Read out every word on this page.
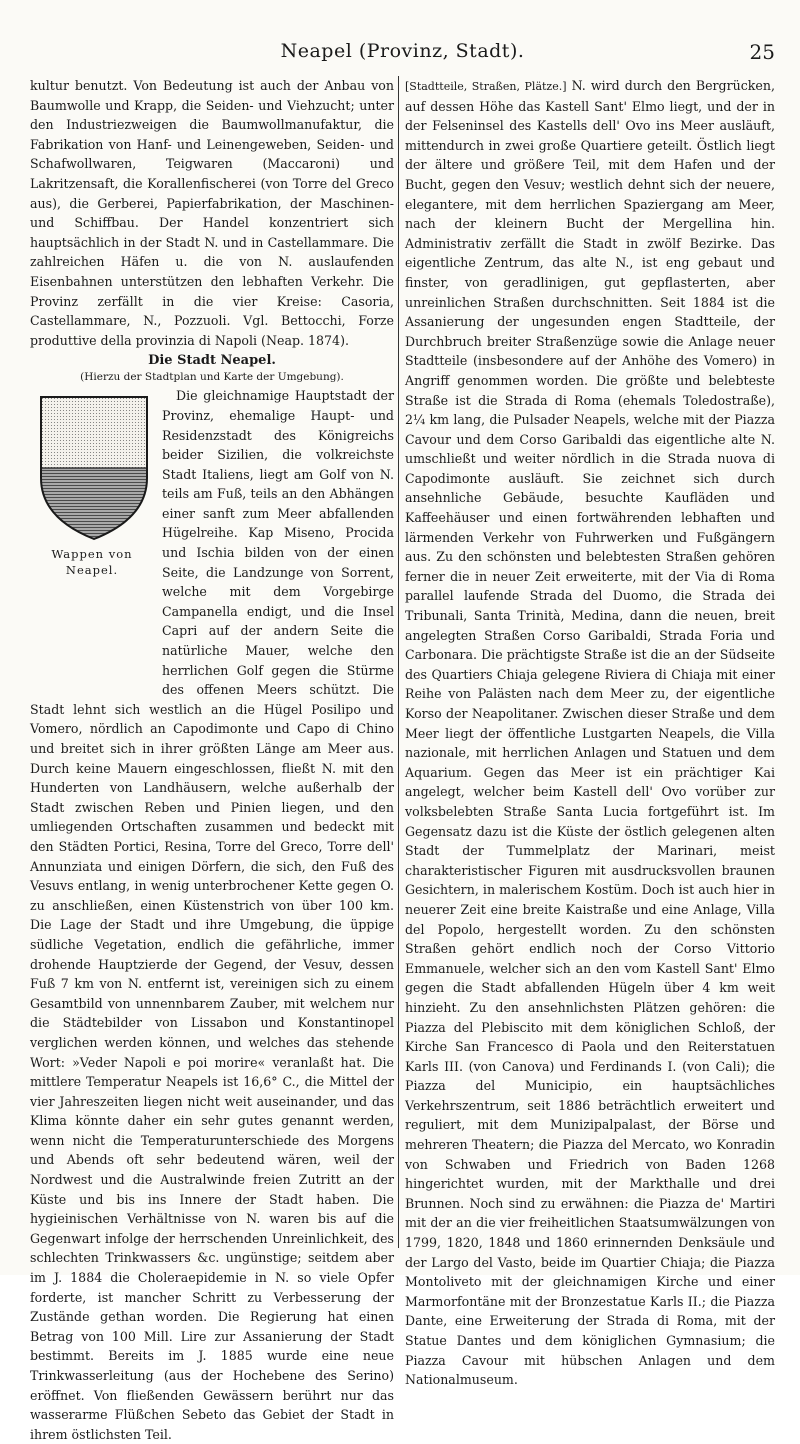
Neapel (Provinz, Stadt).	25

kultur benutzt. Von Bedeutung ist auch der Anbau von Baumwolle und Krapp, die Seiden- und Viehzucht; unter den Industriezweigen die Baumwollmanufaktur, die Fabrikation von Hanf- und Leinengeweben, Seiden- und Schafwollwaren, Teigwaren (Maccaroni) und Lakritzensaft, die Korallenfischerei (von Torre del Greco aus), die Gerberei, Papierfabrikation, der Maschinen- und Schiffbau. Der Handel konzentriert sich hauptsächlich in der Stadt N. und in Castellammare. Die zahlreichen Häfen u. die von N. auslaufenden Eisenbahnen unterstützen den lebhaften Verkehr. Die Provinz zerfällt in die vier Kreise: Casoria, Castellammare, N., Pozzuoli. Vgl. Bettocchi, Forze produttive della provinzia di Napoli (Neap. 1874).

Die Stadt Neapel.
(Hierzu der Stadtplan und Karte der Umgebung).
Wappen von Neapel.

Die gleichnamige Hauptstadt der Provinz, ehemalige Haupt- und Residenzstadt des Königreichs beider Sizilien, die volkreichste Stadt Italiens, liegt am Golf von N. teils am Fuß, teils an den Abhängen einer sanft zum Meer abfallenden Hügelreihe. Kap Miseno, Procida und Ischia bilden von der einen Seite, die Landzunge von Sorrent, welche mit dem Vorgebirge Campanella endigt, und die Insel Capri auf der andern Seite die natürliche Mauer, welche den herrlichen Golf gegen die Stürme des offenen Meers schützt. Die Stadt lehnt sich westlich an die Hügel Posilipo und Vomero, nördlich an Capodimonte und Capo di Chino und breitet sich in ihrer größten Länge am Meer aus. Durch keine Mauern eingeschlossen, fließt N. mit den Hunderten von Landhäusern, welche außerhalb der Stadt zwischen Reben und Pinien liegen, und den umliegenden Ortschaften zusammen und bedeckt mit den Städten Portici, Resina, Torre del Greco, Torre dell' Annunziata und einigen Dörfern, die sich, den Fuß des Vesuvs entlang, in wenig unterbrochener Kette gegen O. zu anschließen, einen Küstenstrich von über 100 km. Die Lage der Stadt und ihre Umgebung, die üppige südliche Vegetation, endlich die gefährliche, immer drohende Hauptzierde der Gegend, der Vesuv, dessen Fuß 7 km von N. entfernt ist, vereinigen sich zu einem Gesamtbild von unnennbarem Zauber, mit welchem nur die Städtebilder von Lissabon und Konstantinopel verglichen werden können, und welches das stehende Wort: »Veder Napoli e poi morire« veranlaßt hat. Die mittlere Temperatur Neapels ist 16,6° C., die Mittel der vier Jahreszeiten liegen nicht weit auseinander, und das Klima könnte daher ein sehr gutes genannt werden, wenn nicht die Temperaturunterschiede des Morgens und Abends oft sehr bedeutend wären, weil der Nordwest und die Australwinde freien Zutritt an der Küste und bis ins Innere der Stadt haben. Die hygieinischen Verhältnisse von N. waren bis auf die Gegenwart infolge der herrschenden Unreinlichkeit, des schlechten Trinkwassers &c. ungünstige; seitdem aber im J. 1884 die Choleraepidemie in N. so viele Opfer forderte, ist mancher Schritt zu Verbesserung der Zustände gethan worden. Die Regierung hat einen Betrag von 100 Mill. Lire zur Assanierung der Stadt bestimmt. Bereits im J. 1885 wurde eine neue Trinkwasserleitung (aus der Hochebene des Serino) eröffnet. Von fließenden Gewässern berührt nur das wasserarme Flüßchen Sebeto das Gebiet der Stadt in ihrem östlichsten Teil.

[Stadtteile, Straßen, Plätze.] N. wird durch den Bergrücken, auf dessen Höhe das Kastell Sant' Elmo liegt, und der in der Felseninsel des Kastells dell' Ovo ins Meer ausläuft, mittendurch in zwei große Quartiere geteilt. Östlich liegt der ältere und größere Teil, mit dem Hafen und der Bucht, gegen den Vesuv; westlich dehnt sich der neuere, elegantere, mit dem herrlichen Spaziergang am Meer, nach der kleinern Bucht der Mergellina hin. Administrativ zerfällt die Stadt in zwölf Bezirke. Das eigentliche Zentrum, das alte N., ist eng gebaut und finster, von geradlinigen, gut gepflasterten, aber unreinlichen Straßen durchschnitten. Seit 1884 ist die Assanierung der ungesunden engen Stadtteile, der Durchbruch breiter Straßenzüge sowie die Anlage neuer Stadtteile (insbesondere auf der Anhöhe des Vomero) in Angriff genommen worden. Die größte und belebteste Straße ist die Strada di Roma (ehemals Toledostraße), 2¼ km lang, die Pulsader Neapels, welche mit der Piazza Cavour und dem Corso Garibaldi das eigentliche alte N. umschließt und weiter nördlich in die Strada nuova di Capodimonte ausläuft. Sie zeichnet sich durch ansehnliche Gebäude, besuchte Kaufläden und Kaffeehäuser und einen fortwährenden lebhaften und lärmenden Verkehr von Fuhrwerken und Fußgängern aus. Zu den schönsten und belebtesten Straßen gehören ferner die in neuer Zeit erweiterte, mit der Via di Roma parallel laufende Strada del Duomo, die Strada dei Tribunali, Santa Trinità, Medina, dann die neuen, breit angelegten Straßen Corso Garibaldi, Strada Foria und Carbonara. Die prächtigste Straße ist die an der Südseite des Quartiers Chiaja gelegene Riviera di Chiaja mit einer Reihe von Palästen nach dem Meer zu, der eigentliche Korso der Neapolitaner. Zwischen dieser Straße und dem Meer liegt der öffentliche Lustgarten Neapels, die Villa nazionale, mit herrlichen Anlagen und Statuen und dem Aquarium. Gegen das Meer ist ein prächtiger Kai angelegt, welcher beim Kastell dell' Ovo vorüber zur volksbelebten Straße Santa Lucia fortgeführt ist. Im Gegensatz dazu ist die Küste der östlich gelegenen alten Stadt der Tummelplatz der Marinari, meist charakteristischer Figuren mit ausdrucksvollen braunen Gesichtern, in malerischem Kostüm. Doch ist auch hier in neuerer Zeit eine breite Kaistraße und eine Anlage, Villa del Popolo, hergestellt worden. Zu den schönsten Straßen gehört endlich noch der Corso Vittorio Emmanuele, welcher sich an den vom Kastell Sant' Elmo gegen die Stadt abfallenden Hügeln über 4 km weit hinzieht. Zu den ansehnlichsten Plätzen gehören: die Piazza del Plebiscito mit dem königlichen Schloß, der Kirche San Francesco di Paola und den Reiterstatuen Karls III. (von Canova) und Ferdinands I. (von Cali); die Piazza del Municipio, ein hauptsächliches Verkehrszentrum, seit 1886 beträchtlich erweitert und reguliert, mit dem Munizipalpalast, der Börse und mehreren Theatern; die Piazza del Mercato, wo Konradin von Schwaben und Friedrich von Baden 1268 hingerichtet wurden, mit der Markthalle und drei Brunnen. Noch sind zu erwähnen: die Piazza de' Martiri mit der an die vier freiheitlichen Staatsumwälzungen von 1799, 1820, 1848 und 1860 erinnernden Denksäule und der Largo del Vasto, beide im Quartier Chiaja; die Piazza Montoliveto mit der gleichnamigen Kirche und einer Marmorfontäne mit der Bronzestatue Karls II.; die Piazza Dante, eine Erweiterung der Strada di Roma, mit der Statue Dantes und dem königlichen Gymnasium; die Piazza Cavour mit hübschen Anlagen und dem Nationalmuseum.
